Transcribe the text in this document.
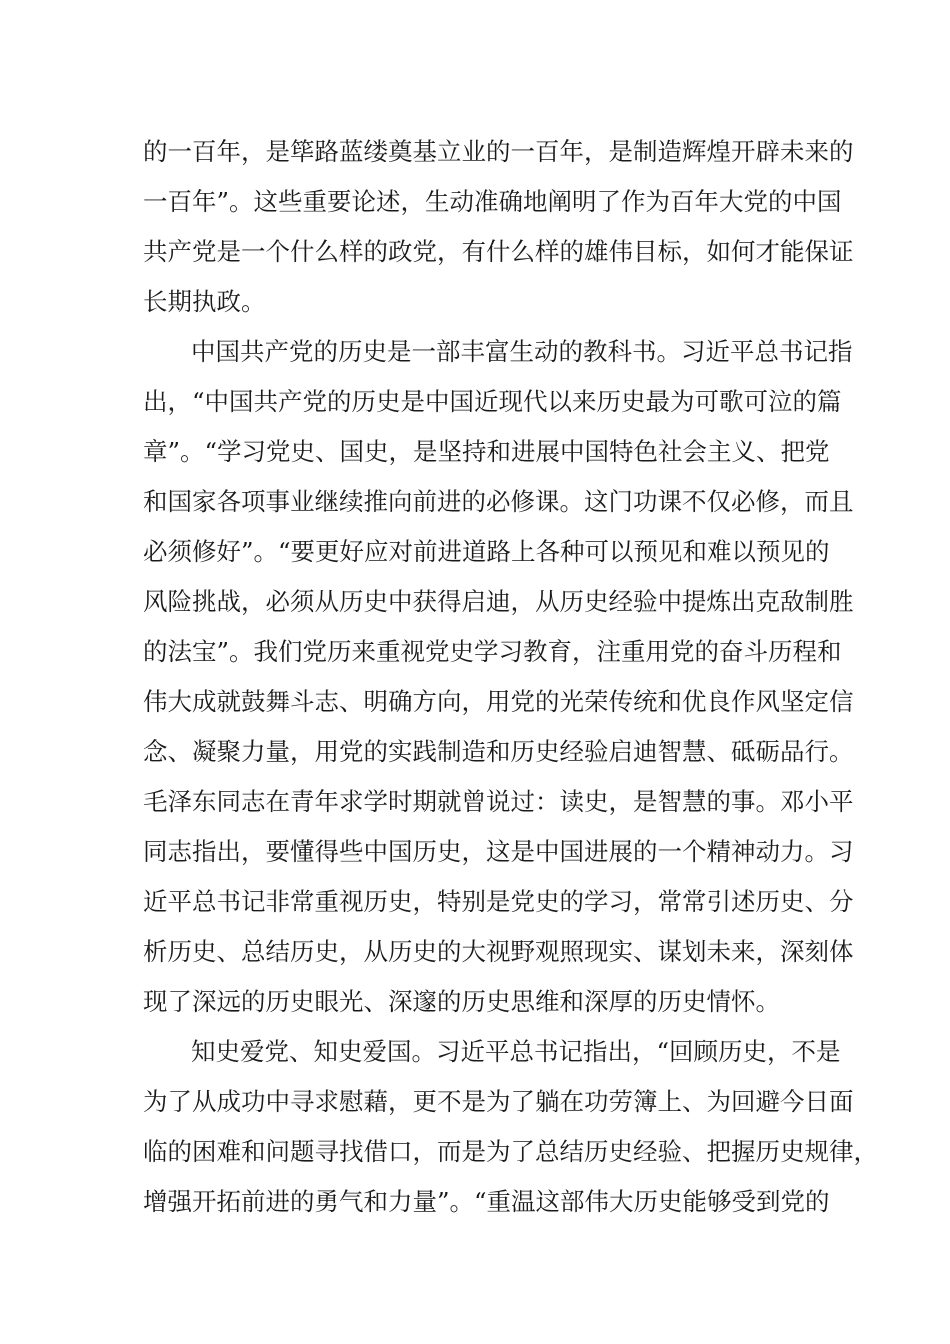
的一百年，是筚路蓝缕奠基立业的一百年，是制造辉煌开辟未来的
一百年”。这些重要论述，生动准确地阐明了作为百年大党的中国
共产党是一个什么样的政党，有什么样的雄伟目标，如何才能保证
长期执政。
中国共产党的历史是一部丰富生动的教科书。习近平总书记指
出，“中国共产党的历史是中国近现代以来历史最为可歌可泣的篇
章”。“学习党史、国史，是坚持和进展中国特色社会主义、把党
和国家各项事业继续推向前进的必修课。这门功课不仅必修，而且
必须修好”。“要更好应对前进道路上各种可以预见和难以预见的
风险挑战，必须从历史中获得启迪，从历史经验中提炼出克敌制胜
的法宝”。我们党历来重视党史学习教育，注重用党的奋斗历程和
伟大成就鼓舞斗志、明确方向，用党的光荣传统和优良作风坚定信
念、凝聚力量，用党的实践制造和历史经验启迪智慧、砥砺品行。
毛泽东同志在青年求学时期就曾说过：读史，是智慧的事。邓小平
同志指出，要懂得些中国历史，这是中国进展的一个精神动力。习
近平总书记非常重视历史，特别是党史的学习，常常引述历史、分
析历史、总结历史，从历史的大视野观照现实、谋划未来，深刻体
现了深远的历史眼光、深邃的历史思维和深厚的历史情怀。
知史爱党、知史爱国。习近平总书记指出，“回顾历史，不是
为了从成功中寻求慰藉，更不是为了躺在功劳簿上、为回避今日面
临的困难和问题寻找借口，而是为了总结历史经验、把握历史规律，
增强开拓前进的勇气和力量”。“重温这部伟大历史能够受到党的
